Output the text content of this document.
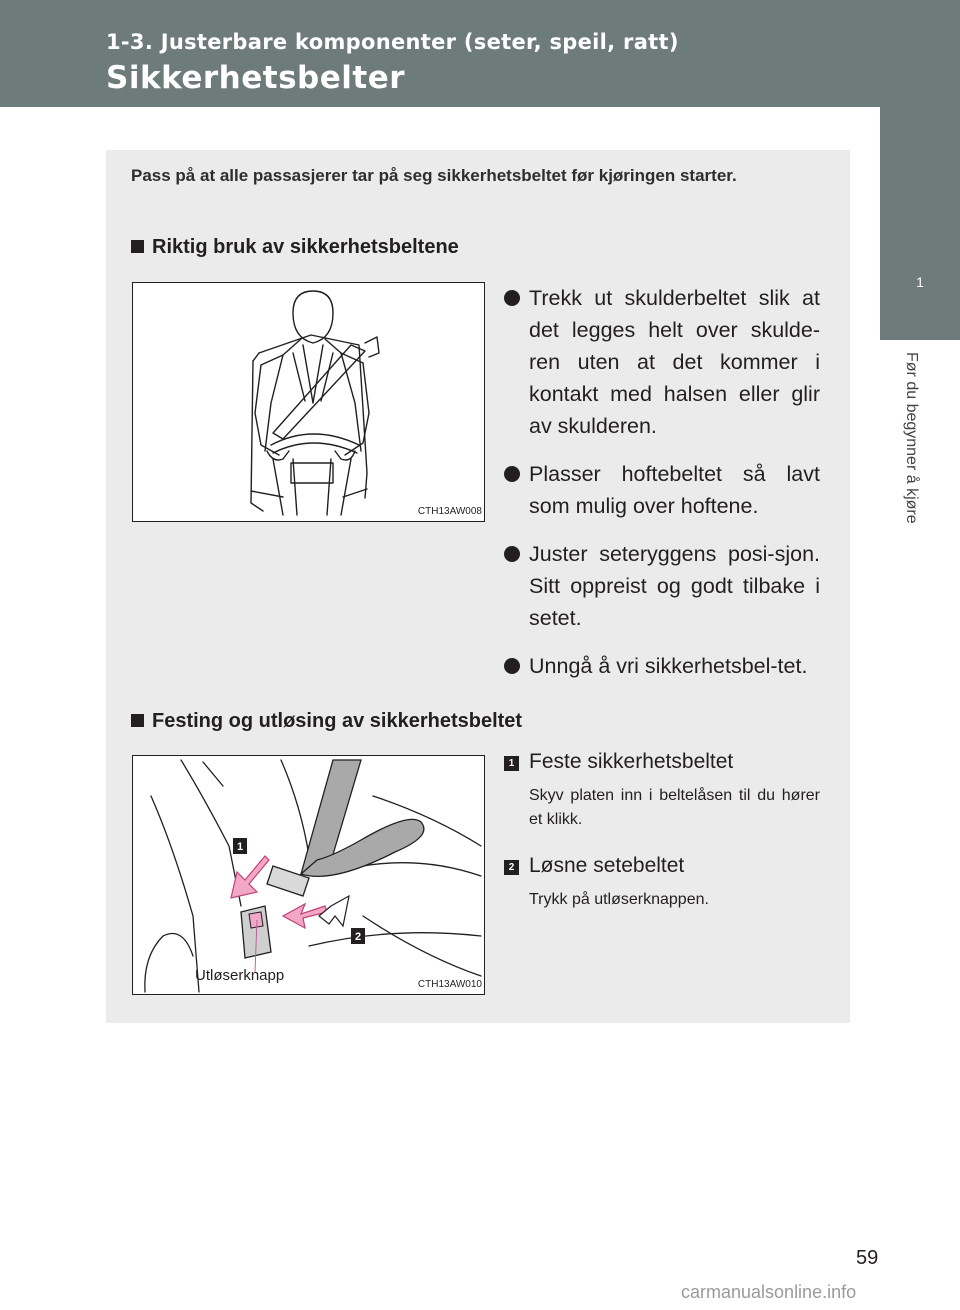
1-3. Justerbare komponenter (seter, speil, ratt)
Sikkerhetsbelter
1
Før du begynner å kjøre
Pass på at alle passasjerer tar på seg sikkerhetsbeltet før kjøringen starter.
Riktig bruk av sikkerhetsbeltene
CTH13AW008
Trekk ut skulderbeltet slik at det legges helt over skulde-ren uten at det kommer i kontakt med halsen eller glir av skulderen.
Plasser hoftebeltet så lavt som mulig over hoftene.
Juster seteryggens posi-sjon. Sitt oppreist og godt tilbake i setet.
Unngå å vri sikkerhetsbel-tet.
Festing og utløsing av sikkerhetsbeltet
1
2
Utløserknapp
CTH13AW010
1 Feste sikkerhetsbeltet
Skyv platen inn i beltelåsen til du hører et klikk.
2 Løsne setebeltet
Trykk på utløserknappen.
59
carmanualsonline.info
